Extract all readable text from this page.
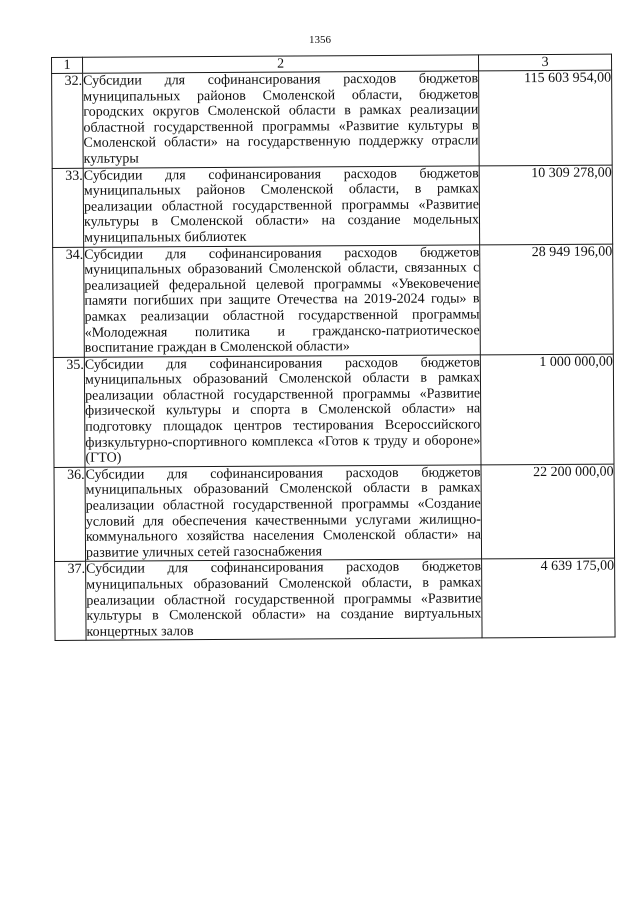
1356
1	2	3
32.	Субсидии для софинансирования расходов бюджетов муниципальных районов Смоленской области, бюджетов городских округов Смоленской области в рамках реализации областной государственной программы «Развитие культуры в Смоленской области» на государственную поддержку отрасли культуры	115 603 954,00
33.	Субсидии для софинансирования расходов бюджетов муниципальных районов Смоленской области, в рамках реализации областной государственной программы «Развитие культуры в Смоленской области» на создание модельных муниципальных библиотек	10 309 278,00
34.	Субсидии для софинансирования расходов бюджетов муниципальных образований Смоленской области, связанных с реализацией федеральной целевой программы «Увековечение памяти погибших при защите Отечества на 2019-2024 годы» в рамках реализации областной государственной программы «Молодежная политика и гражданско-патриотическое воспитание граждан в Смоленской области»	28 949 196,00
35.	Субсидии для софинансирования расходов бюджетов муниципальных образований Смоленской области в рамках реализации областной государственной программы «Развитие физической культуры и спорта в Смоленской области» на подготовку площадок центров тестирования Всероссийского физкультурно-спортивного комплекса «Готов к труду и обороне» (ГТО)	1 000 000,00
36.	Субсидии для софинансирования расходов бюджетов муниципальных образований Смоленской области в рамках реализации областной государственной программы «Создание условий для обеспечения качественными услугами жилищно-коммунального хозяйства населения Смоленской области» на развитие уличных сетей газоснабжения	22 200 000,00
37.	Субсидии для софинансирования расходов бюджетов муниципальных образований Смоленской области, в рамках реализации областной государственной программы «Развитие культуры в Смоленской области» на создание виртуальных концертных залов	4 639 175,00
